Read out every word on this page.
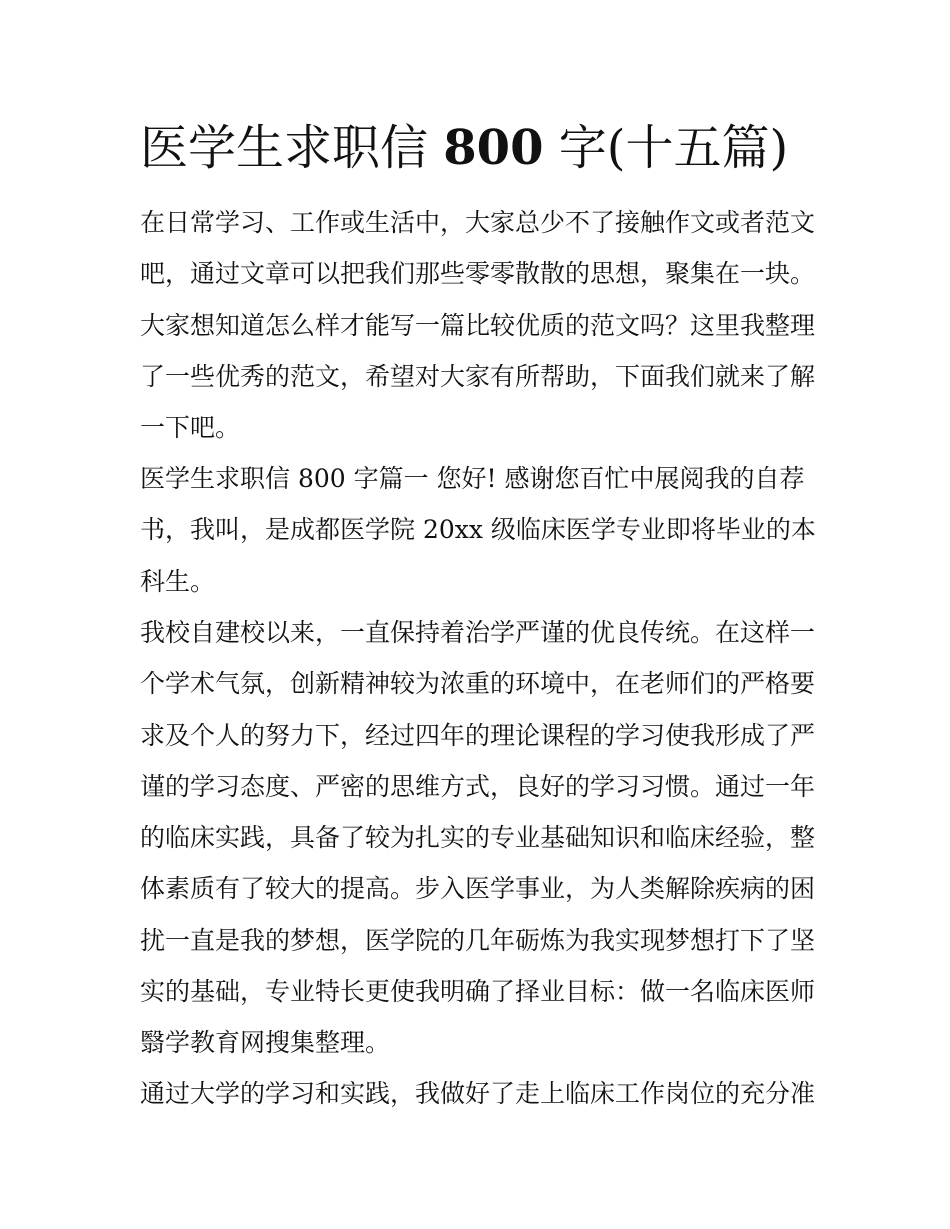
医学生求职信 800 字(十五篇)
在日常学习、工作或生活中，大家总少不了接触作文或者范文
吧，通过文章可以把我们那些零零散散的思想，聚集在一块。
大家想知道怎么样才能写一篇比较优质的范文吗？这里我整理
了一些优秀的范文，希望对大家有所帮助，下面我们就来了解
一下吧。
医学生求职信 800 字篇一 您好! 感谢您百忙中展阅我的自荐
书，我叫，是成都医学院 20xx 级临床医学专业即将毕业的本
科生。
我校自建校以来，一直保持着治学严谨的优良传统。在这样一
个学术气氛，创新精神较为浓重的环境中，在老师们的严格要
求及个人的努力下，经过四年的理论课程的学习使我形成了严
谨的学习态度、严密的思维方式，良好的学习习惯。通过一年
的临床实践，具备了较为扎实的专业基础知识和临床经验，整
体素质有了较大的提高。步入医学事业，为人类解除疾病的困
扰一直是我的梦想，医学院的几年砺炼为我实现梦想打下了坚
实的基础，专业特长更使我明确了择业目标：做一名临床医师
翳学教育网搜集整理。
通过大学的学习和实践，我做好了走上临床工作岗位的充分准
